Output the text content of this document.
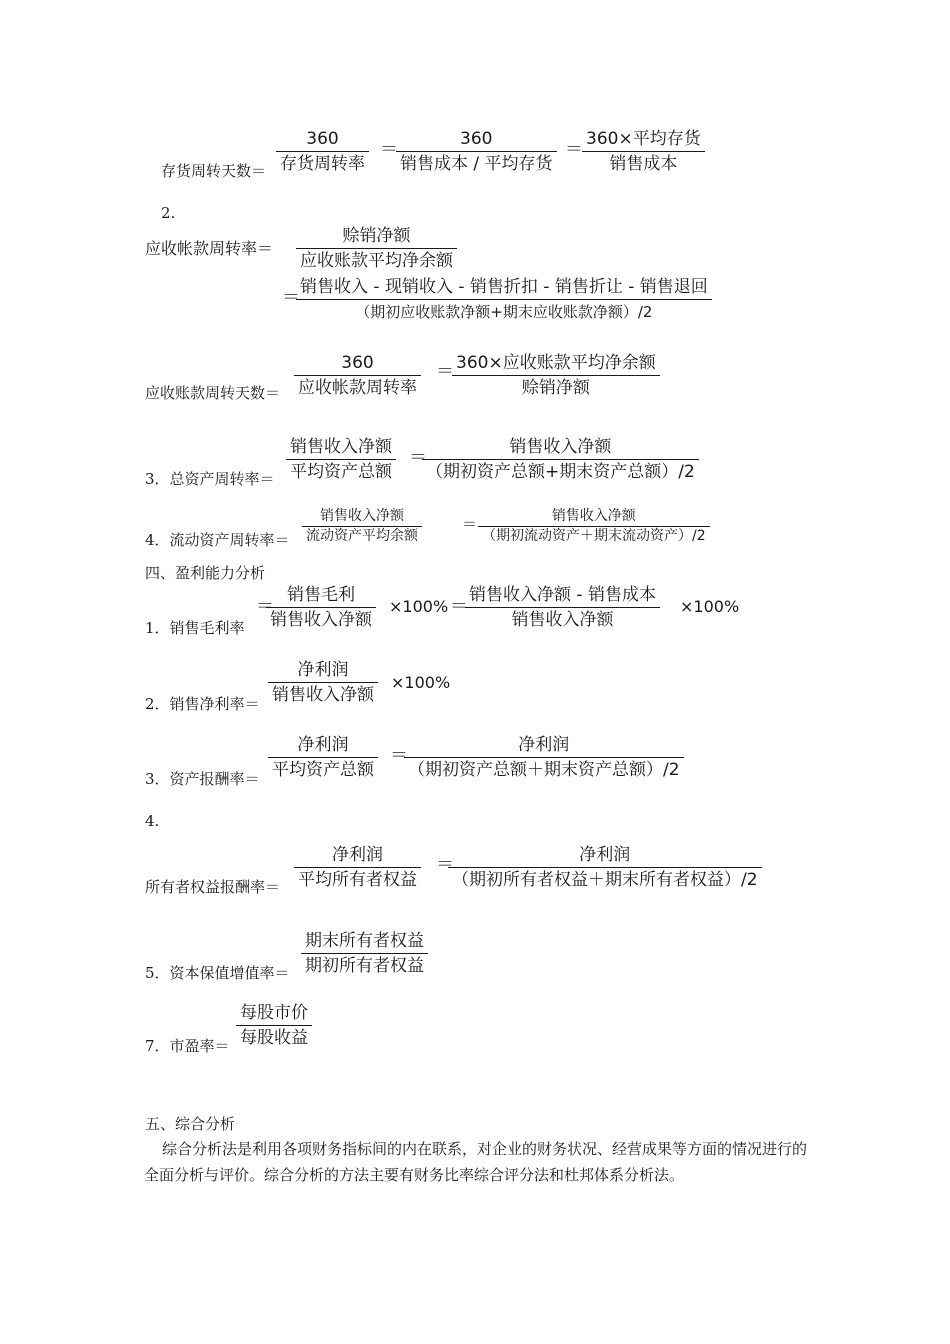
存货周转天数＝
360
存货周转率
＝	360
销售成本 / 平均存货
＝ 360×平均存货
销售成本
2.
应收帐款周转率＝
赊销净额
应收账款平均净余额
＝ 销售收入 - 现销收入 - 销售折扣 - 销售折让 - 销售退回
（期初应收账款净额+期末应收账款净额）/2
应收账款周转天数＝
360
应收帐款周转率
＝ 360×应收账款平均净余额
赊销净额
3．总资产周转率＝
销售收入净额
平均资产总额
＝	销售收入净额
（期初资产总额+期末资产总额）/2
4．流动资产周转率＝
销售收入净额
流动资产平均余额
＝	销售收入净额
（期初流动资产＋期末流动资产）/2
四、盈利能力分析
1．销售毛利率
＝
销售毛利
销售收入净额
×100% ＝
销售收入净额 - 销售成本
销售收入净额
×100%
2．销售净利率＝
净利润
销售收入净额
×100%
3．资产报酬率＝
净利润
平均资产总额
＝	净利润
（期初资产总额＋期末资产总额）/2
4.
所有者权益报酬率＝
净利润
平均所有者权益
＝	净利润
（期初所有者权益＋期末所有者权益）/2
5．资本保值增值率＝
期末所有者权益
期初所有者权益
7．市盈率＝
每股市价
每股收益
五、综合分析
综合分析法是利用各项财务指标间的内在联系，对企业的财务状况、经营成果等方面的情况进行的全面分析与评价。综合分析的方法主要有财务比率综合评分法和杜邦体系分析法。
